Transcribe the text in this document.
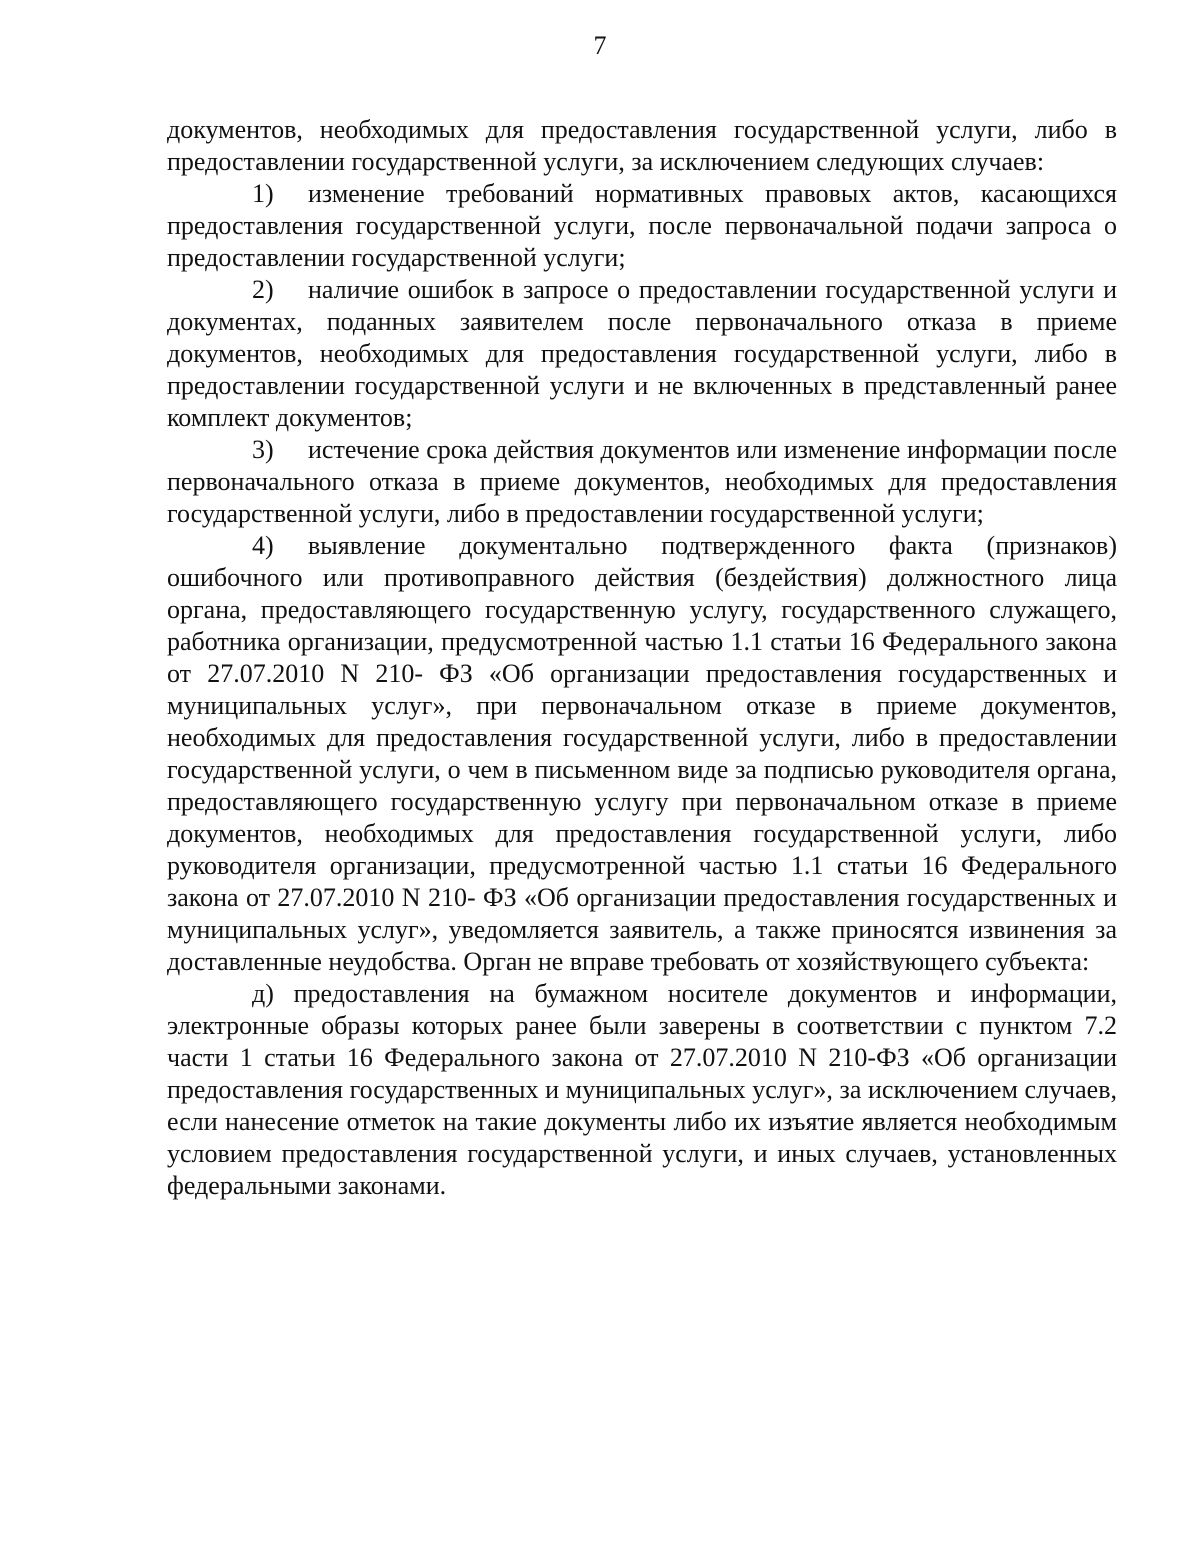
7

документов, необходимых для предоставления государственной услуги, либо в предоставлении государственной услуги, за исключением следующих случаев:

1) изменение требований нормативных правовых актов, касающихся предоставления государственной услуги, после первоначальной подачи запроса о предоставлении государственной услуги;

2) наличие ошибок в запросе о предоставлении государственной услуги и документах, поданных заявителем после первоначального отказа в приеме документов, необходимых для предоставления государственной услуги, либо в предоставлении государственной услуги и не включенных в представленный ранее комплект документов;

3) истечение срока действия документов или изменение информации после первоначального отказа в приеме документов, необходимых для предоставления государственной услуги, либо в предоставлении государственной услуги;

4) выявление документально подтвержденного факта (признаков) ошибочного или противоправного действия (бездействия) должностного лица органа, предоставляющего государственную услугу, государственного служащего, работника организации, предусмотренной частью 1.1 статьи 16 Федерального закона от 27.07.2010 N 210- ФЗ «Об организации предоставления государственных и муниципальных услуг», при первоначальном отказе в приеме документов, необходимых для предоставления государственной услуги, либо в предоставлении государственной услуги, о чем в письменном виде за подписью руководителя органа, предоставляющего государственную услугу при первоначальном отказе в приеме документов, необходимых для предоставления государственной услуги, либо руководителя организации, предусмотренной частью 1.1 статьи 16 Федерального закона от 27.07.2010 N 210- ФЗ «Об организации предоставления государственных и муниципальных услуг», уведомляется заявитель, а также приносятся извинения за доставленные неудобства. Орган не вправе требовать от хозяйствующего субъекта:

д) предоставления на бумажном носителе документов и информации, электронные образы которых ранее были заверены в соответствии с пунктом 7.2 части 1 статьи 16 Федерального закона от 27.07.2010 N 210-ФЗ «Об организации предоставления государственных и муниципальных услуг», за исключением случаев, если нанесение отметок на такие документы либо их изъятие является необходимым условием предоставления государственной услуги, и иных случаев, установленных федеральными законами.
